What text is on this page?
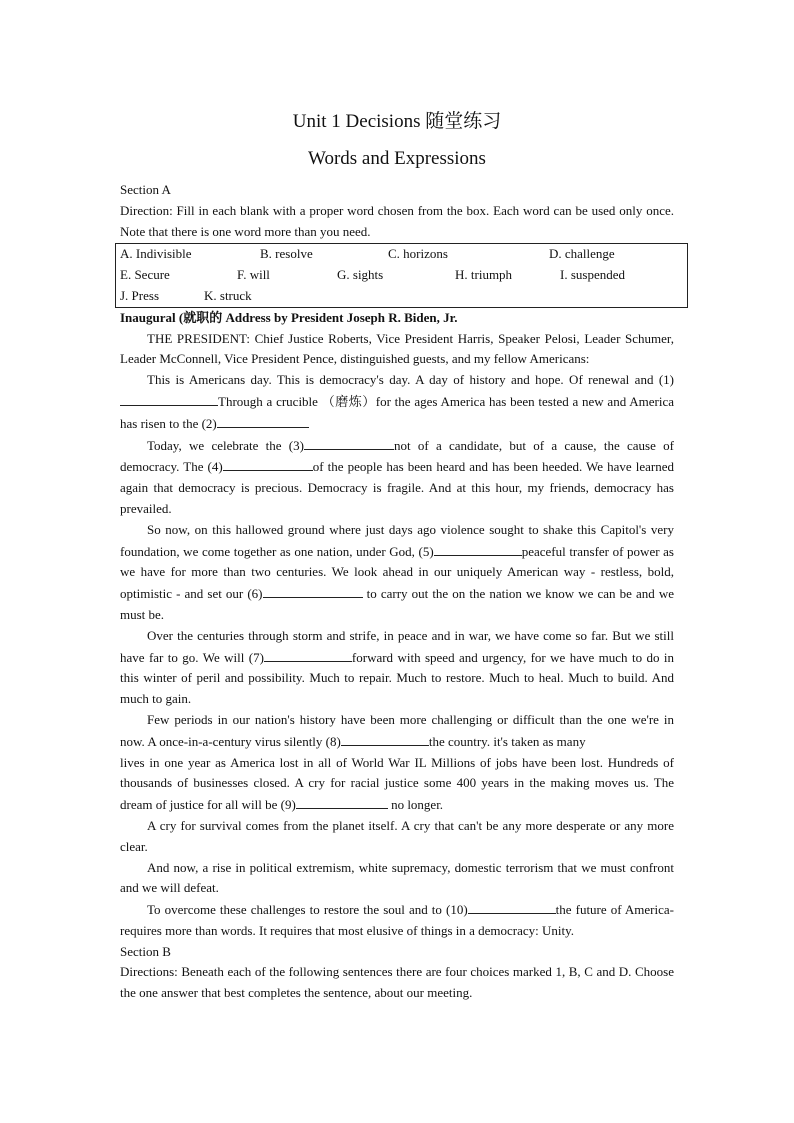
Unit 1 Decisions 随堂练习
Words and Expressions

Section A

Direction: Fill in each blank with a proper word chosen from the box. Each word can be used only once. Note that there is one word more than you need.

A. Indivisible	B. resolve	C. horizons	D. challenge
E. Secure	F. will	G. sights	H. triumph	I. suspended
J. Press	K. struck

Inaugural (就职的 Address by President Joseph R. Biden, Jr.

THE PRESIDENT: Chief Justice Roberts, Vice President Harris, Speaker Pelosi, Leader Schumer, Leader McConnell, Vice President Pence, distinguished guests, and my fellow Americans:

This is Americans day. This is democracy's day. A day of history and hope. Of renewal and (1)Through a crucible （磨炼）for the ages America has been tested a new and America has risen to the (2)

Today, we celebrate the (3)	not of a candidate, but of a cause, the cause of democracy. The (4)	of the people has been heard and has been heeded. We have learned again that democracy is precious. Democracy is fragile. And at this hour, my friends, democracy has prevailed.

So now, on this hallowed ground where just days ago violence sought to shake this Capitol's very foundation, we come together as one nation, under God, (5)	peaceful transfer of power as we have for more than two centuries. We look ahead in our uniquely American way - restless, bold, optimistic - and set our (6)	to carry out the on the nation we know we can be and we must be.

Over the centuries through storm and strife, in peace and in war, we have come so far. But we still have far to go. We will (7)	forward with speed and urgency, for we have much to do in this winter of peril and possibility. Much to repair. Much to restore. Much to heal. Much to build. And much to gain.

Few periods in our nation's history have been more challenging or difficult than the one we're in now. A once-in-a-century virus silently (8)	the country. it's taken as many

lives in one year as America lost in all of World War IL Millions of jobs have been lost. Hundreds of thousands of businesses closed. A cry for racial justice some 400 years in the making moves us. The dream of justice for all will be (9)	no longer.

A cry for survival comes from the planet itself. A cry that can't be any more desperate or any more clear.

And now, a rise in political extremism, white supremacy, domestic terrorism that we must confront and we will defeat.

To overcome these challenges to restore the soul and to (10)	the future of America-requires more than words. It requires that most elusive of things in a democracy: Unity.

Section B

Directions: Beneath each of the following sentences there are four choices marked 1, B, C and D. Choose the one answer that best completes the sentence, about our meeting.
